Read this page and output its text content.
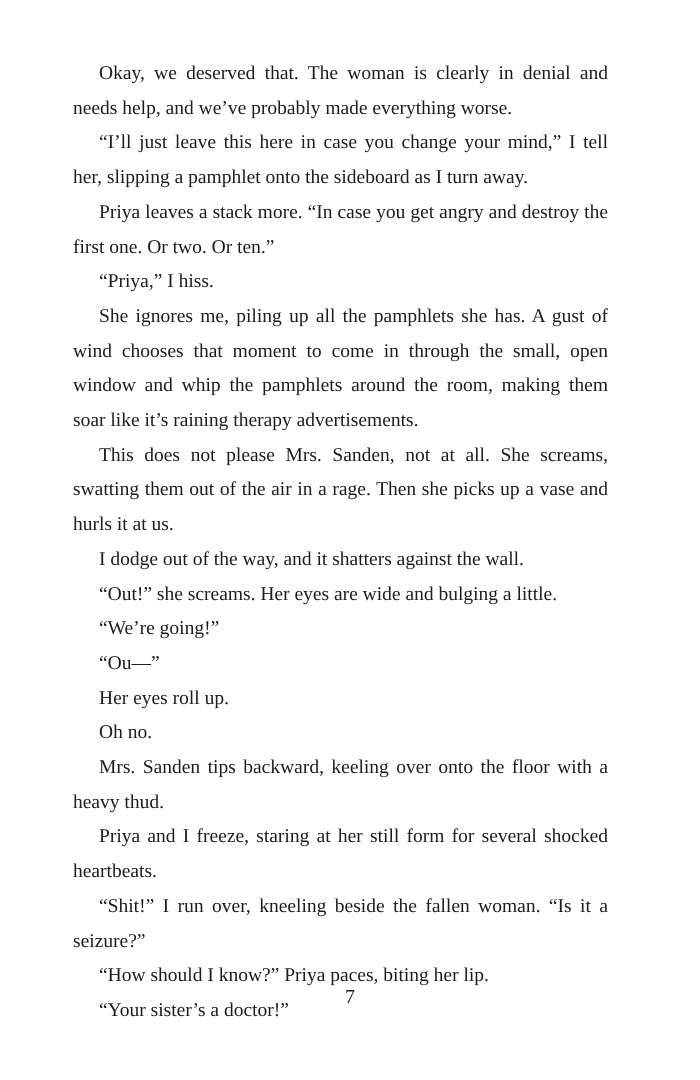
Okay, we deserved that. The woman is clearly in denial and needs help, and we’ve probably made everything worse.

“I’ll just leave this here in case you change your mind,” I tell her, slipping a pamphlet onto the sideboard as I turn away.

Priya leaves a stack more. “In case you get angry and destroy the first one. Or two. Or ten.”

“Priya,” I hiss.

She ignores me, piling up all the pamphlets she has. A gust of wind chooses that moment to come in through the small, open window and whip the pamphlets around the room, making them soar like it’s raining therapy advertisements.

This does not please Mrs. Sanden, not at all. She screams, swatting them out of the air in a rage. Then she picks up a vase and hurls it at us.

I dodge out of the way, and it shatters against the wall.

“Out!” she screams. Her eyes are wide and bulging a little.

“We’re going!”

“Ou—”

Her eyes roll up.

Oh no.

Mrs. Sanden tips backward, keeling over onto the floor with a heavy thud.

Priya and I freeze, staring at her still form for several shocked heartbeats.

“Shit!” I run over, kneeling beside the fallen woman. “Is it a seizure?”

“How should I know?” Priya paces, biting her lip.

“Your sister’s a doctor!”

7
